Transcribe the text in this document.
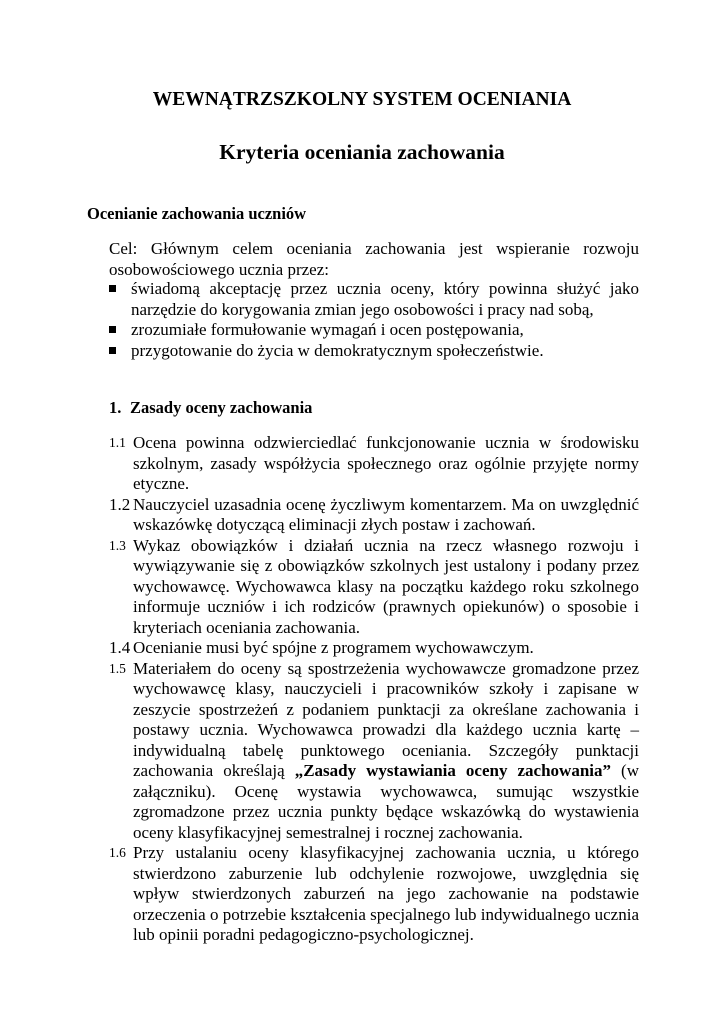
WEWNĄTRZSZKOLNY SYSTEM OCENIANIA
Kryteria oceniania zachowania
Ocenianie zachowania uczniów

Cel: Głównym celem oceniania zachowania jest wspieranie rozwoju osobowościowego ucznia przez:

świadomą akceptację przez ucznia oceny, który powinna służyć jako narzędzie do korygowania zmian jego osobowości i pracy nad sobą,
zrozumiałe formułowanie wymagań i ocen postępowania,
przygotowanie do życia w demokratycznym społeczeństwie.
1. Zasady oceny zachowania
1.1 Ocena powinna odzwierciedlać funkcjonowanie ucznia w środowisku szkolnym, zasady współżycia społecznego oraz ogólnie przyjęte normy etyczne.
1.2 Nauczyciel uzasadnia ocenę życzliwym komentarzem. Ma on uwzględnić wskazówkę dotyczącą eliminacji złych postaw i zachowań.
1.3 Wykaz obowiązków i działań ucznia na rzecz własnego rozwoju i wywiązywanie się z obowiązków szkolnych jest ustalony i podany przez wychowawcę. Wychowawca klasy na początku każdego roku szkolnego informuje uczniów i ich rodziców (prawnych opiekunów) o sposobie i kryteriach oceniania zachowania.
1.4 Ocenianie musi być spójne z programem wychowawczym.
1.5 Materiałem do oceny są spostrzeżenia wychowawcze gromadzone przez wychowawcę klasy, nauczycieli i pracowników szkoły i zapisane w zeszycie spostrzeżeń z podaniem punktacji za określane zachowania i postawy ucznia. Wychowawca prowadzi dla każdego ucznia kartę – indywidualną tabelę punktowego oceniania. Szczegóły punktacji zachowania określają „Zasady wystawiania oceny zachowania” (w załączniku). Ocenę wystawia wychowawca, sumując wszystkie zgromadzone przez ucznia punkty będące wskazówką do wystawienia oceny klasyfikacyjnej semestralnej i rocznej zachowania.
1.6 Przy ustalaniu oceny klasyfikacyjnej zachowania ucznia, u którego stwierdzono zaburzenie lub odchylenie rozwojowe, uwzględnia się wpływ stwierdzonych zaburzeń na jego zachowanie na podstawie orzeczenia o potrzebie kształcenia specjalnego lub indywidualnego ucznia lub opinii poradni pedagogiczno-psychologicznej.
